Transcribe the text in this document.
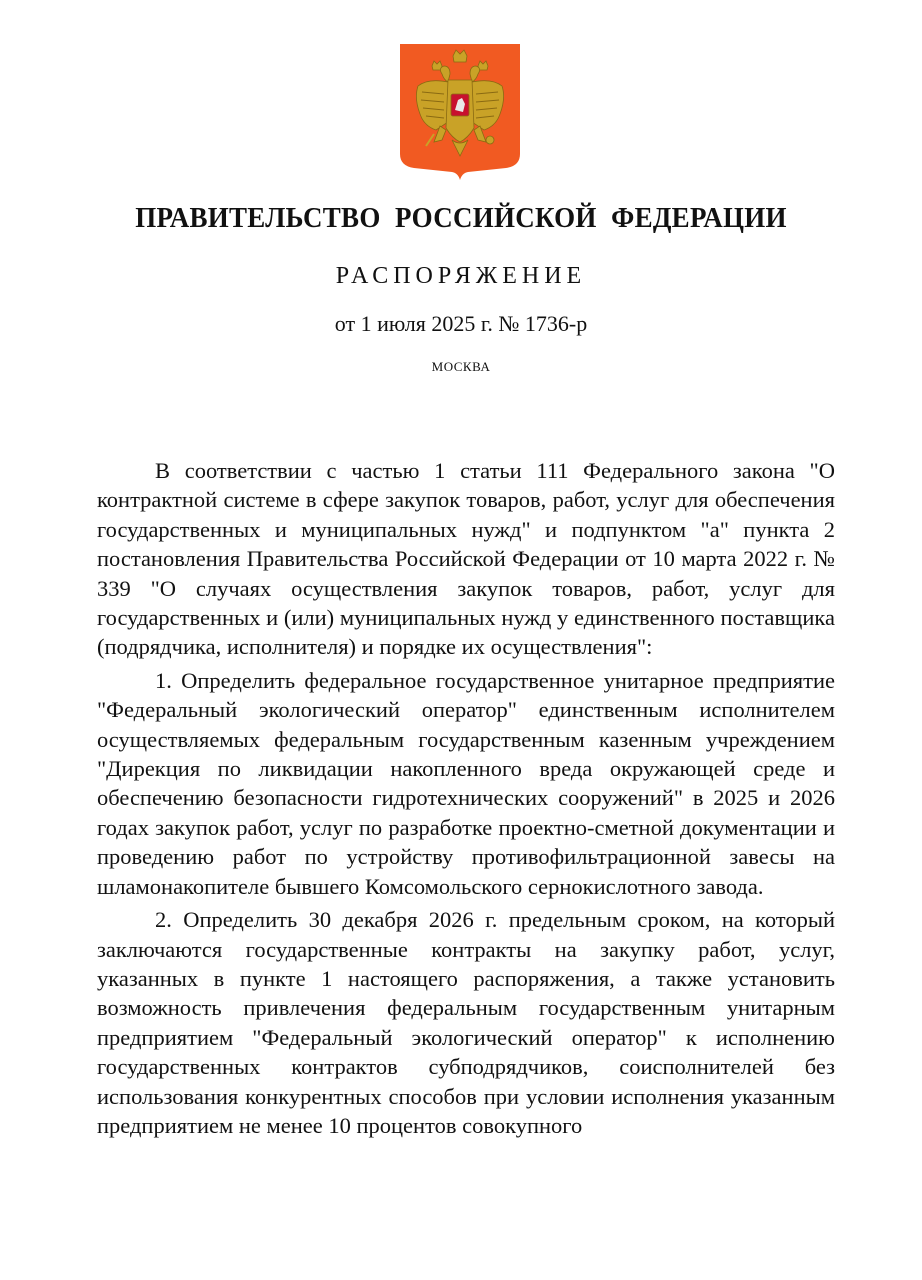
ПРАВИТЕЛЬСТВО РОССИЙСКОЙ ФЕДЕРАЦИИ
РАСПОРЯЖЕНИЕ
от 1 июля 2025 г. № 1736-р
МОСКВА

В соответствии с частью 1 статьи 111 Федерального закона "О контрактной системе в сфере закупок товаров, работ, услуг для обеспечения государственных и муниципальных нужд" и подпунктом "а" пункта 2 постановления Правительства Российской Федерации от 10 марта 2022 г. № 339 "О случаях осуществления закупок товаров, работ, услуг для государственных и (или) муниципальных нужд у единственного поставщика (подрядчика, исполнителя) и порядке их осуществления":

1. Определить федеральное государственное унитарное предприятие "Федеральный экологический оператор" единственным исполнителем осуществляемых федеральным государственным казенным учреждением "Дирекция по ликвидации накопленного вреда окружающей среде и обеспечению безопасности гидротехнических сооружений" в 2025 и 2026 годах закупок работ, услуг по разработке проектно-сметной документации и проведению работ по устройству противофильтрационной завесы на шламонакопителе бывшего Комсомольского сернокислотного завода.

2. Определить 30 декабря 2026 г. предельным сроком, на который заключаются государственные контракты на закупку работ, услуг, указанных в пункте 1 настоящего распоряжения, а также установить возможность привлечения федеральным государственным унитарным предприятием "Федеральный экологический оператор" к исполнению государственных контрактов субподрядчиков, соисполнителей без использования конкурентных способов при условии исполнения указанным предприятием не менее 10 процентов совокупного
